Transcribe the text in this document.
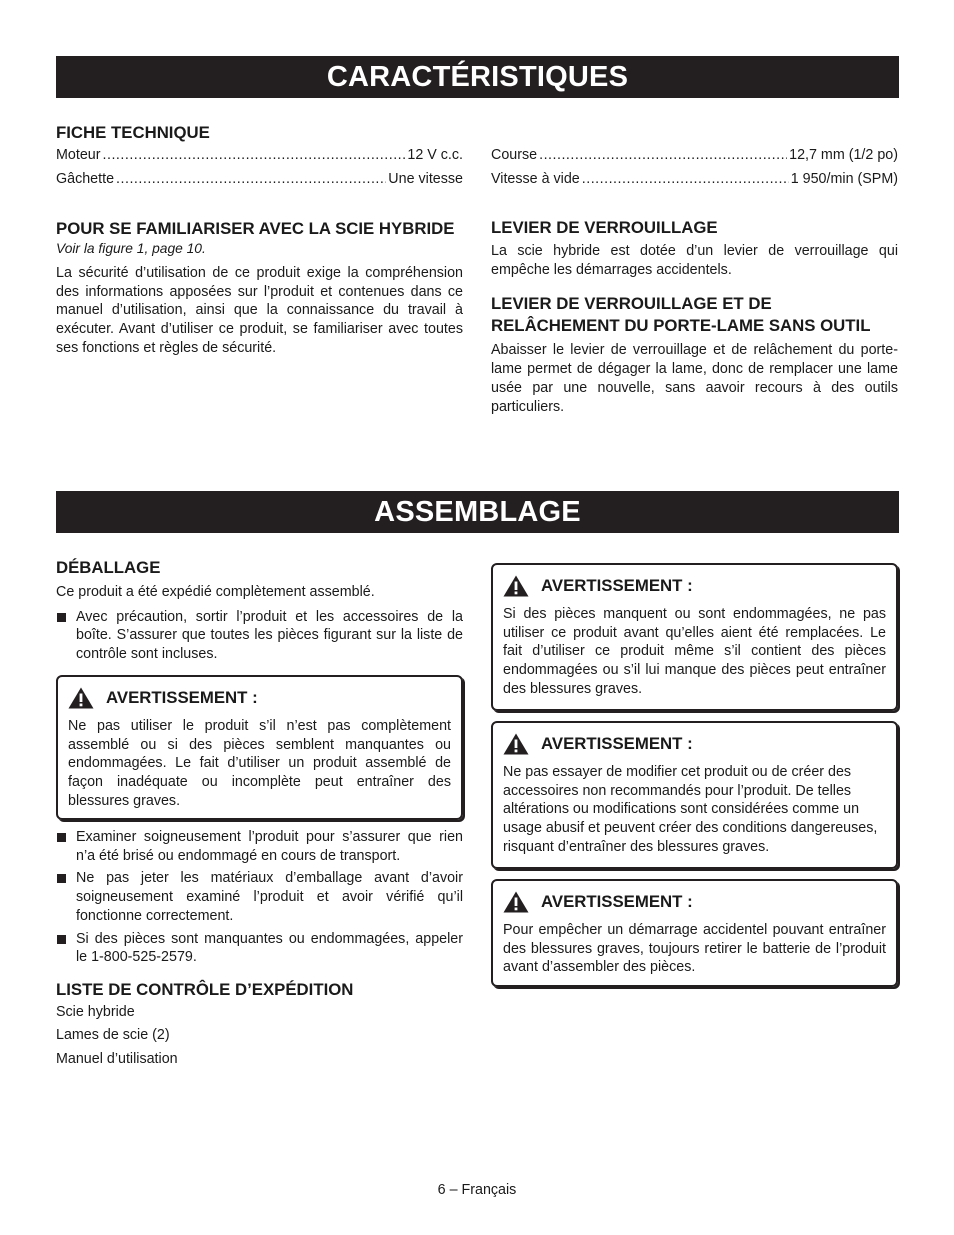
CARACTÉRISTIQUES
FICHE TECHNIQUE
Moteur .....	12 V c.c.
Gâchette .....	Une vitesse
POUR SE FAMILIARISER AVEC LA SCIE HYBRIDE
Voir la figure 1, page 10.

La sécurité d’utilisation de ce produit exige la compréhension des informations apposées sur l’produit et contenues dans ce manuel d’utilisation, ainsi que la connaissance du travail à exécuter. Avant d’utiliser ce produit, se familiariser avec toutes ses fonctions et règles de sécurité.

Course .....	12,7 mm (1/2 po)
Vitesse à vide .....	1 950/min (SPM)
LEVIER DE VERROUILLAGE

La scie hybride est dotée d’un levier de verrouillage qui empêche les démarrages accidentels.

LEVIER DE VERROUILLAGE ET DE RELÂCHEMENT DU PORTE-LAME SANS OUTIL

Abaisser le levier de verrouillage et de relâchement du porte-lame permet de dégager la lame, donc de remplacer une lame usée par une nouvelle, sans aavoir recours à des outils particuliers.

ASSEMBLAGE
DÉBALLAGE

Ce produit a été expédié complètement assemblé.

Avec précaution, sortir l’produit et les accessoires de la boîte. S’assurer que toutes les pièces figurant sur la liste de contrôle sont incluses.
AVERTISSEMENT :

Ne pas utiliser le produit s’il n’est pas complètement assemblé ou si des pièces semblent manquantes ou endommagées. Le fait d’utiliser un produit assemblé de façon inadéquate ou incomplète peut entraîner des blessures graves.

Examiner soigneusement l’produit pour s’assurer que rien n’a été brisé ou endommagé en cours de transport.
Ne pas jeter les matériaux d’emballage avant d’avoir soigneusement examiné l’produit et avoir vérifié qu’il fonctionne correctement.
Si des pièces sont manquantes ou endommagées, appeler le 1-800-525-2579.
LISTE DE CONTRÔLE D’EXPÉDITION
Scie hybride
Lames de scie (2)
Manuel d’utilisation
AVERTISSEMENT :

Si des pièces manquent ou sont endommagées, ne pas utiliser ce produit avant qu’elles aient été remplacées. Le fait d’utiliser ce produit même s’il contient des pièces endommagées ou s’il lui manque des pièces peut entraîner des blessures graves.

AVERTISSEMENT :

Ne pas essayer de modifier cet produit ou de créer des accessoires non recommandés pour l’produit. De telles altérations ou modifications sont considérées comme un usage abusif et peuvent créer des conditions dangereuses, risquant d’entraîner des blessures graves.

AVERTISSEMENT :

Pour empêcher un démarrage accidentel pouvant entraîner des blessures graves, toujours retirer le batterie de l’produit avant d’assembler des pièces.

6 – Français
